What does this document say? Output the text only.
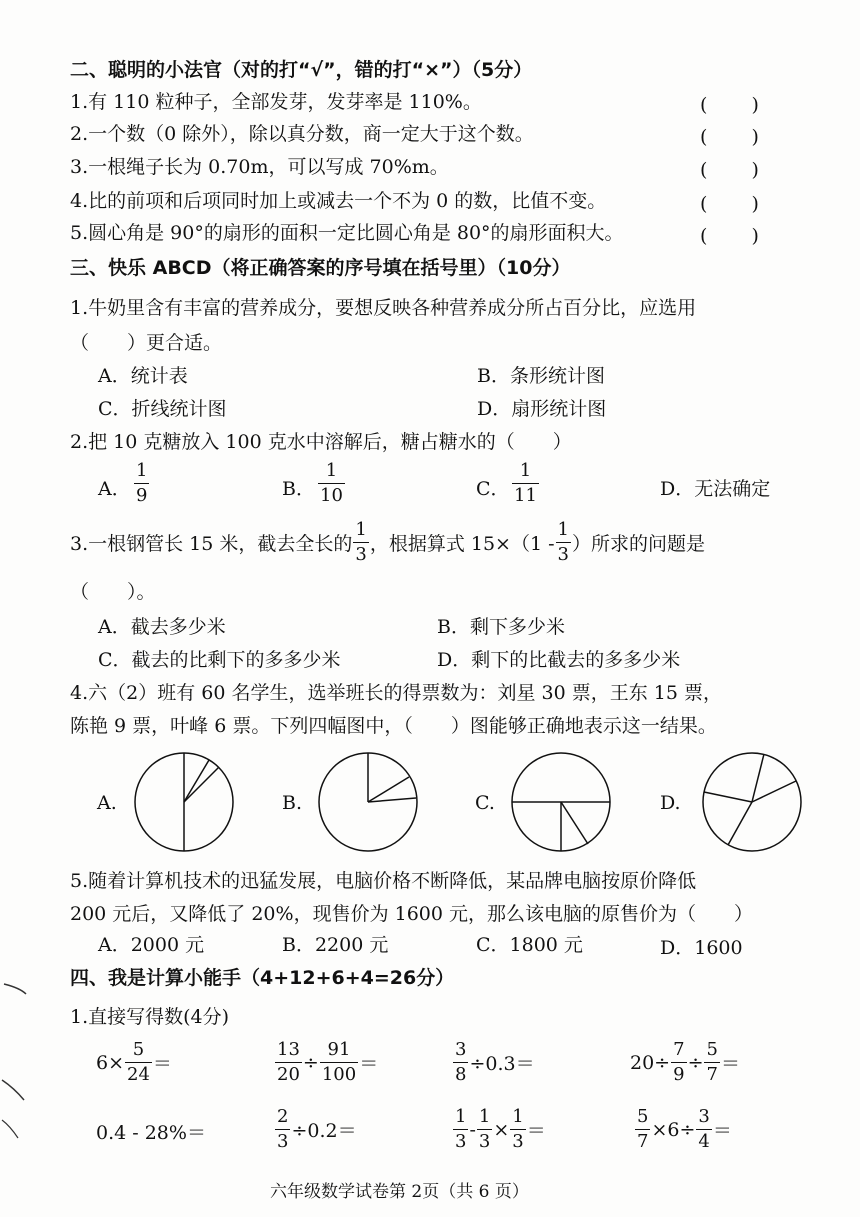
二、聪明的小法官（对的打“√”，错的打“×”）（5分）
1.有 110 粒种子，全部发芽，发芽率是 110%。	(　　 )
2.一个数（0 除外），除以真分数，商一定大于这个数。	(　　 )
3.一根绳子长为 0.70m，可以写成 70%m。	(　　 )
4.比的前项和后项同时加上或减去一个不为 0 的数，比值不变。	(　　 )
5.圆心角是 90°的扇形的面积一定比圆心角是 80°的扇形面积大。	(　　 )
三、快乐 ABCD（将正确答案的序号填在括号里）（10分）
1.牛奶里含有丰富的营养成分，要想反映各种营养成分所占百分比，应选用
（　　）更合适。
A．统计表	B．条形统计图
C．折线统计图	D．扇形统计图
2.把 10 克糖放入 100 克水中溶解后，糖占糖水的（　　）
A． $\frac{1}{9}$	B． $\frac{1}{10}$	C． $\frac{1}{11}$	D．无法确定
3.一根钢管长 15 米，截去全长的 $\frac{1}{3}$ ，根据算式 $15\times(1 - \frac{1}{3}$ ）所求的问题是
（　　）。
A．截去多少米	B．剩下多少米
C．截去的比剩下的多多少米	D．剩下的比截去的多多少米
4.六（2）班有 60 名学生，选举班长的得票数为：刘星 30 票，王东 15 票，
陈艳 9 票，叶峰 6 票。下列四幅图中，（　　）图能够正确地表示这一结果。
A.	B.	C.	D.
5.随着计算机技术的迅猛发展，电脑价格不断降低，某品牌电脑按原价降低
200 元后，又降低了 20%，现售价为 1600 元，那么该电脑的原售价为（　　）
A．2000 元	B．2200 元	C．1800 元	D．1600
四、我是计算小能手（4+12+6+4=26分）
1.直接写得数(4分)
$6\times \frac{5}{24}$ ＝	$\frac{13}{20} \div \frac{91}{100}$ ＝	$\frac{3}{8} \div 0.3=$	$20\div \frac{7}{9} \div \frac{5}{7}$ ＝
0.4 - 28%＝	$\frac{2}{3} \div 0.2=$	$\frac{1}{3} - \frac{1}{3} \times \frac{1}{3}$ ＝	$\frac{5}{7} \times 6\div \frac{3}{4}$ ＝
六年级数学试卷第 2页（共 6 页）
